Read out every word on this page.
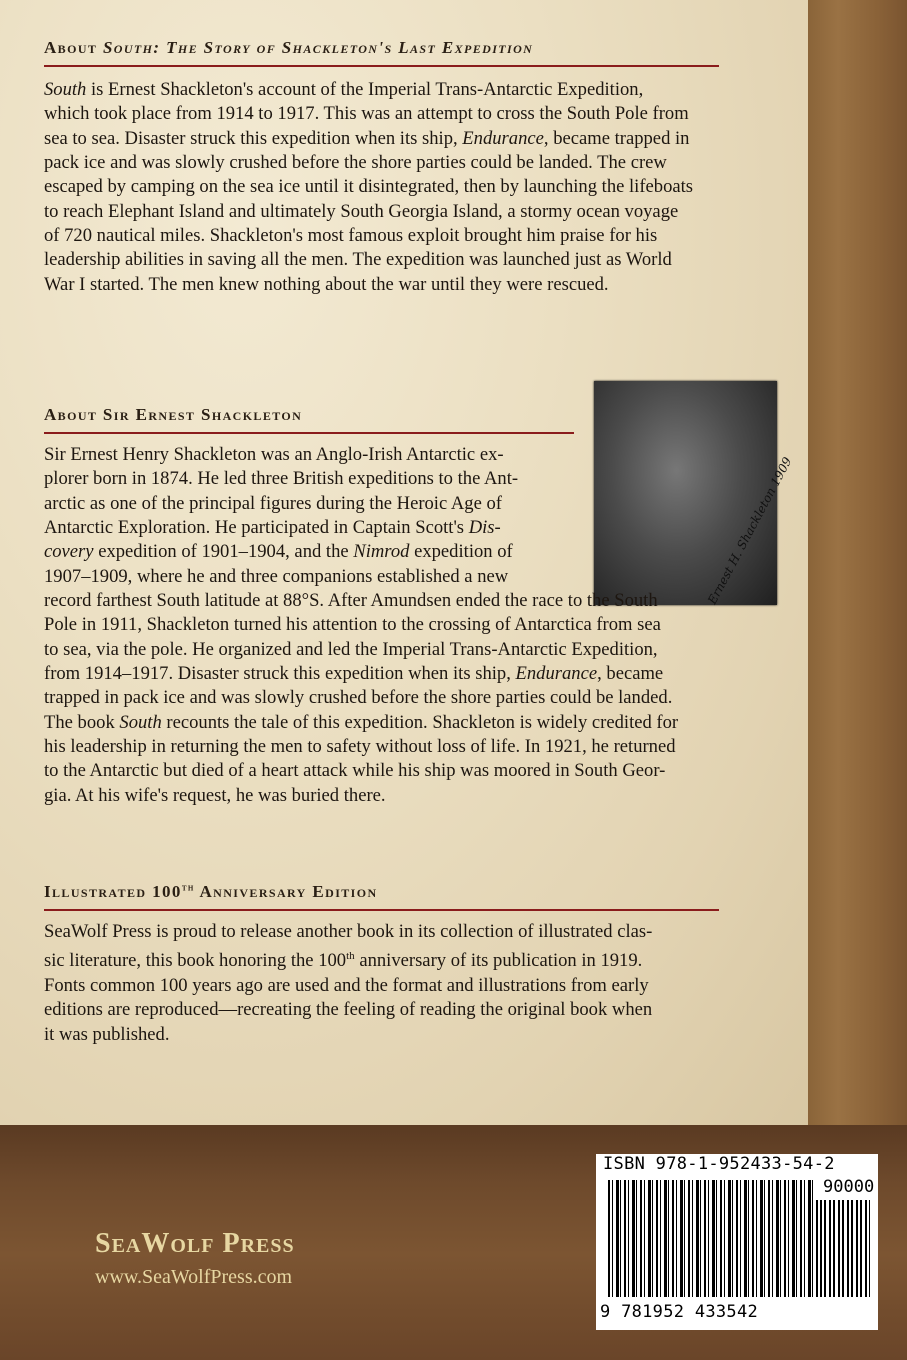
About South: The Story of Shackleton's Last Expedition
South is Ernest Shackleton's account of the Imperial Trans-Antarctic Expedition,
which took place from 1914 to 1917. This was an attempt to cross the South Pole from
sea to sea. Disaster struck this expedition when its ship, Endurance, became trapped in
pack ice and was slowly crushed before the shore parties could be landed. The crew
escaped by camping on the sea ice until it disintegrated, then by launching the lifeboats
to reach Elephant Island and ultimately South Georgia Island, a stormy ocean voyage
of 720 nautical miles. Shackleton's most famous exploit brought him praise for his
leadership abilities in saving all the men. The expedition was launched just as World
War I started. The men knew nothing about the war until they were rescued.
About Sir Ernest Shackleton
Ernest H. Shackleton 1909
Sir Ernest Henry Shackleton was an Anglo-Irish Antarctic ex-
plorer born in 1874. He led three British expeditions to the Ant-
arctic as one of the principal figures during the Heroic Age of
Antarctic Exploration. He participated in Captain Scott's Dis-
covery expedition of 1901–1904, and the Nimrod expedition of
1907–1909, where he and three companions established a new
record farthest South latitude at 88°S. After Amundsen ended the race to the South
Pole in 1911, Shackleton turned his attention to the crossing of Antarctica from sea
to sea, via the pole. He organized and led the Imperial Trans-Antarctic Expedition,
from 1914–1917. Disaster struck this expedition when its ship, Endurance, became
trapped in pack ice and was slowly crushed before the shore parties could be landed.
The book South recounts the tale of this expedition. Shackleton is widely credited for
his leadership in returning the men to safety without loss of life. In 1921, he returned
to the Antarctic but died of a heart attack while his ship was moored in South Geor-
gia. At his wife's request, he was buried there.
Illustrated 100th Anniversary Edition
SeaWolf Press is proud to release another book in its collection of illustrated clas-
sic literature, this book honoring the 100th anniversary of its publication in 1919.
Fonts common 100 years ago are used and the format and illustrations from early
editions are reproduced—recreating the feeling of reading the original book when
it was published.
SeaWolf Press
www.SeaWolfPress.com
ISBN 978-1-952433-54-2
90000
9 781952 433542
